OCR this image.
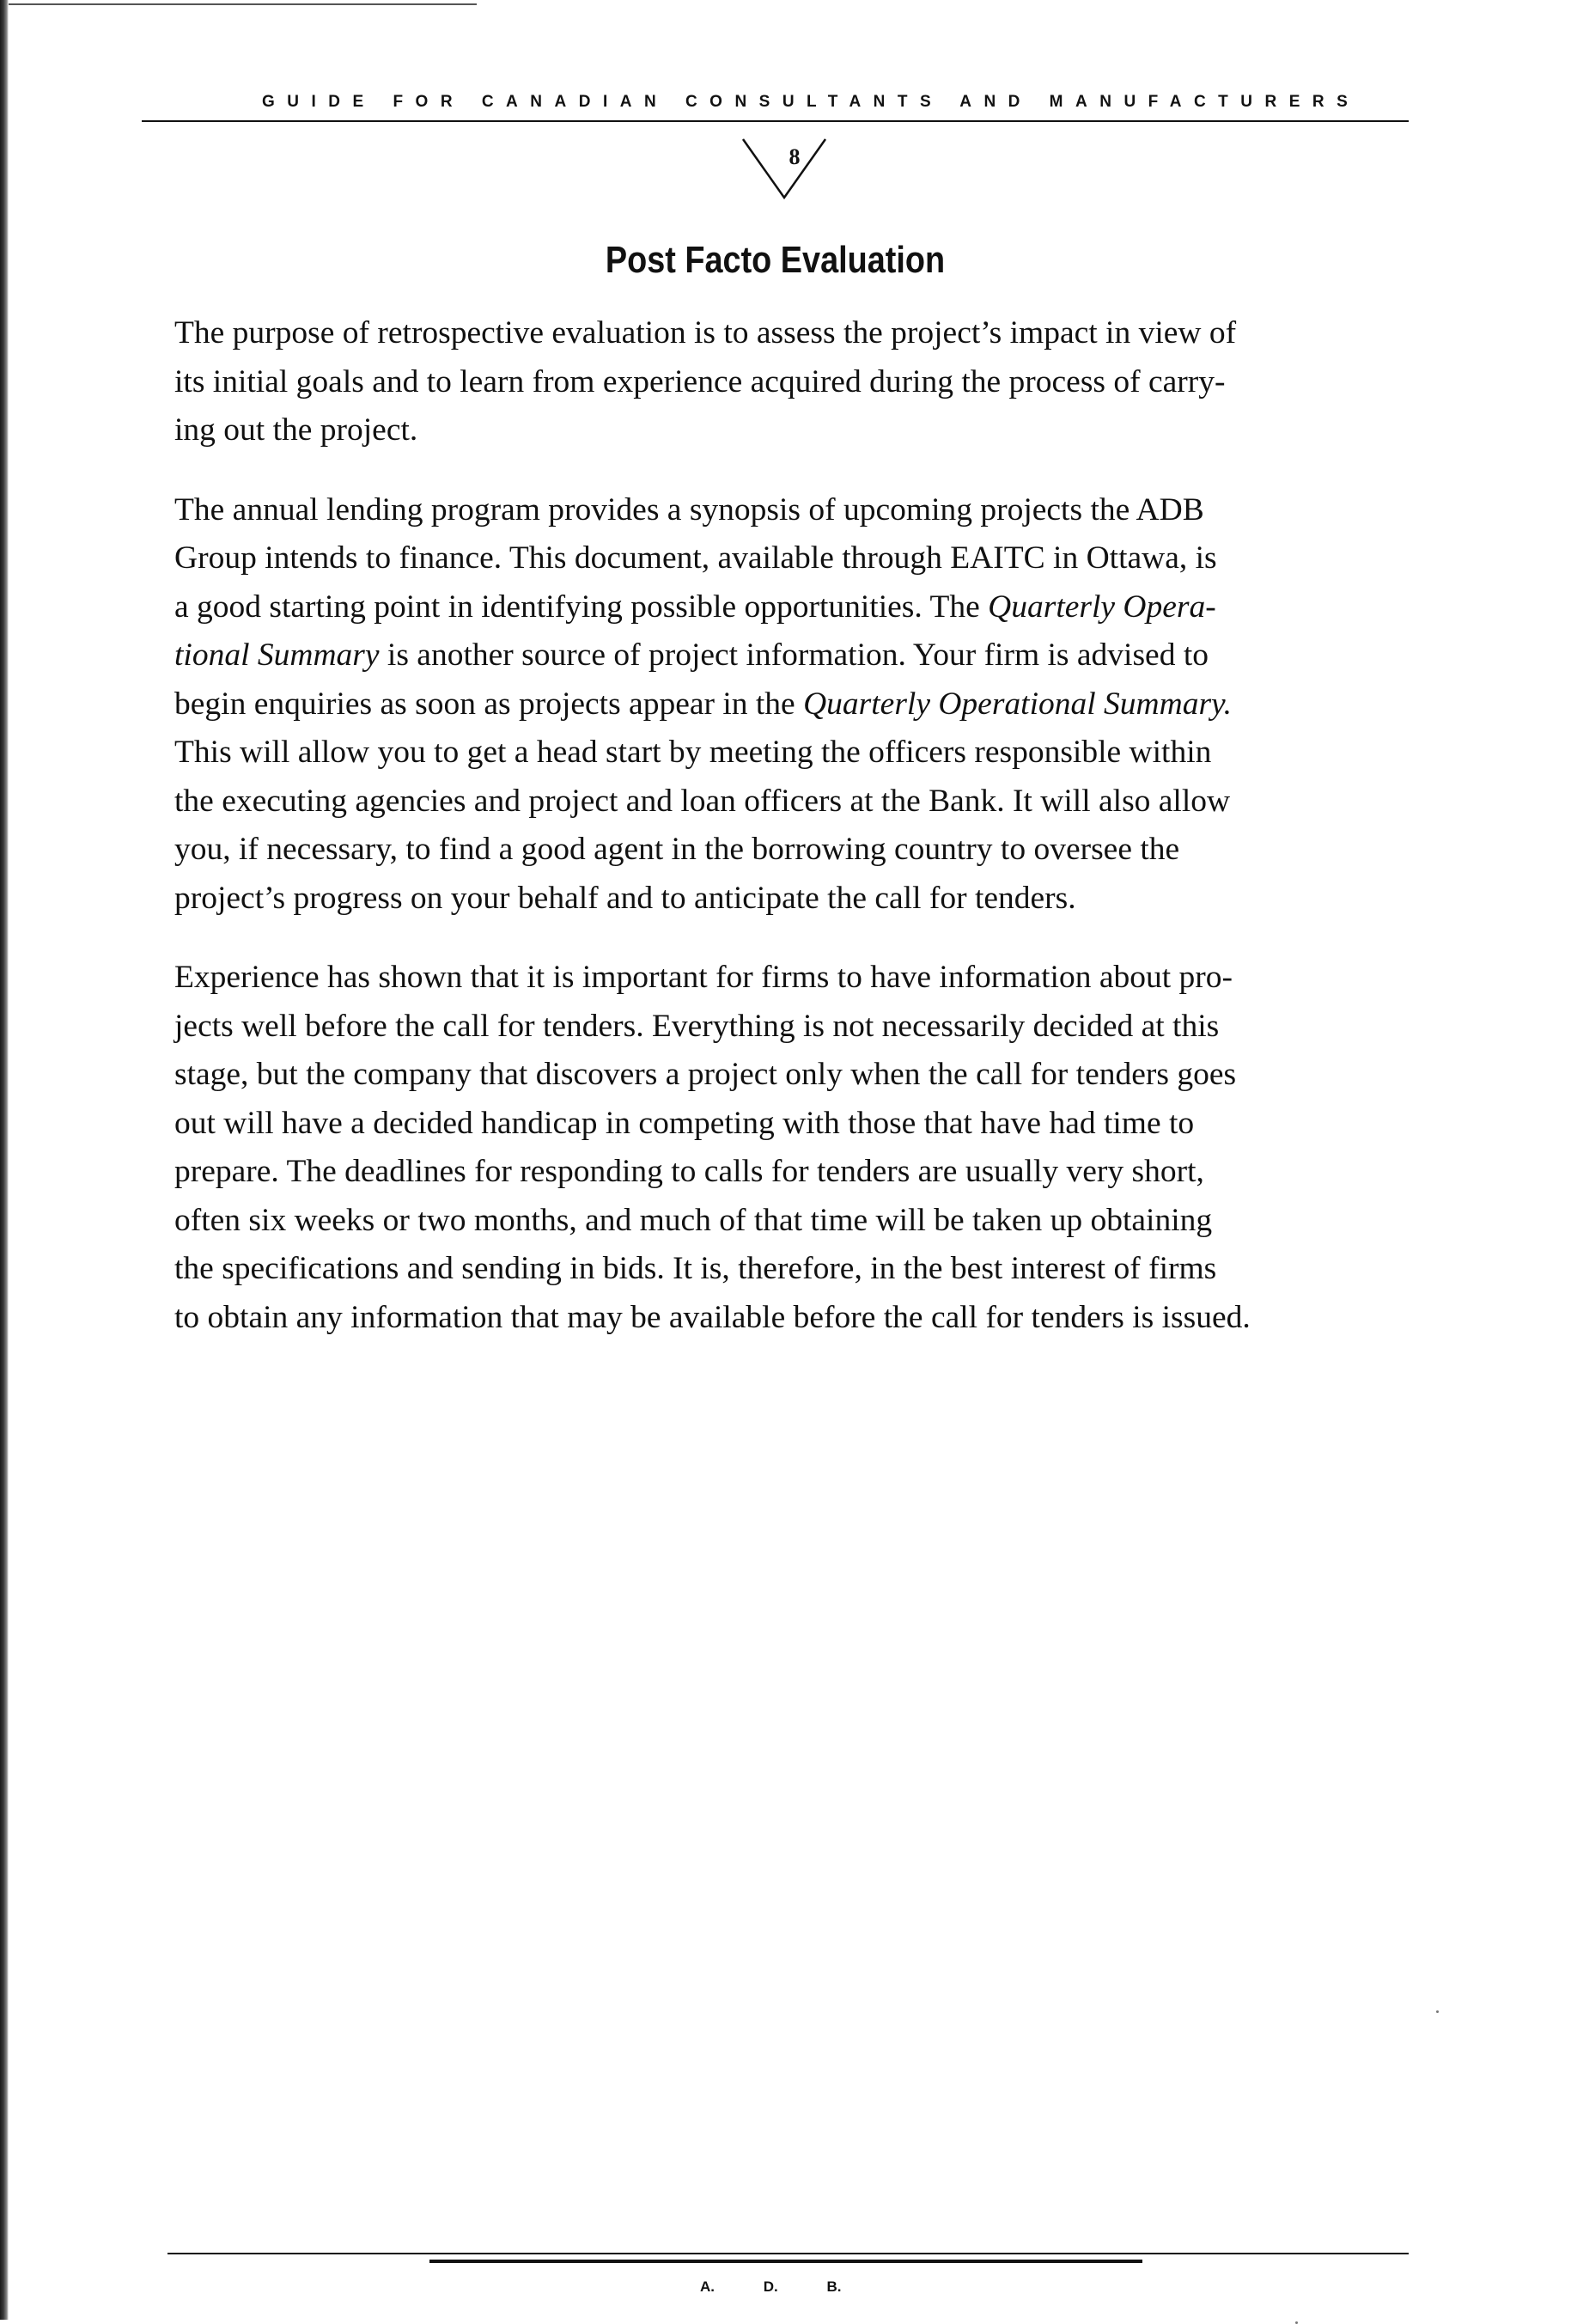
GUIDE FOR CANADIAN CONSULTANTS AND MANUFACTURERS
8
Post Facto Evaluation

The purpose of retrospective evaluation is to assess the project’s impact in view of
its initial goals and to learn from experience acquired during the process of carry-
ing out the project.

The annual lending program provides a synopsis of upcoming projects the ADB
Group intends to finance. This document, available through EAITC in Ottawa, is
a good starting point in identifying possible opportunities. The Quarterly Opera-
tional Summary is another source of project information. Your firm is advised to
begin enquiries as soon as projects appear in the Quarterly Operational Summary.
This will allow you to get a head start by meeting the officers responsible within
the executing agencies and project and loan officers at the Bank. It will also allow
you, if necessary, to find a good agent in the borrowing country to oversee the
project’s progress on your behalf and to anticipate the call for tenders.

Experience has shown that it is important for firms to have information about pro-
jects well before the call for tenders. Everything is not necessarily decided at this
stage, but the company that discovers a project only when the call for tenders goes
out will have a decided handicap in competing with those that have had time to
prepare. The deadlines for responding to calls for tenders are usually very short,
often six weeks or two months, and much of that time will be taken up obtaining
the specifications and sending in bids. It is, therefore, in the best interest of firms
to obtain any information that may be available before the call for tenders is issued.

A. D. B.
